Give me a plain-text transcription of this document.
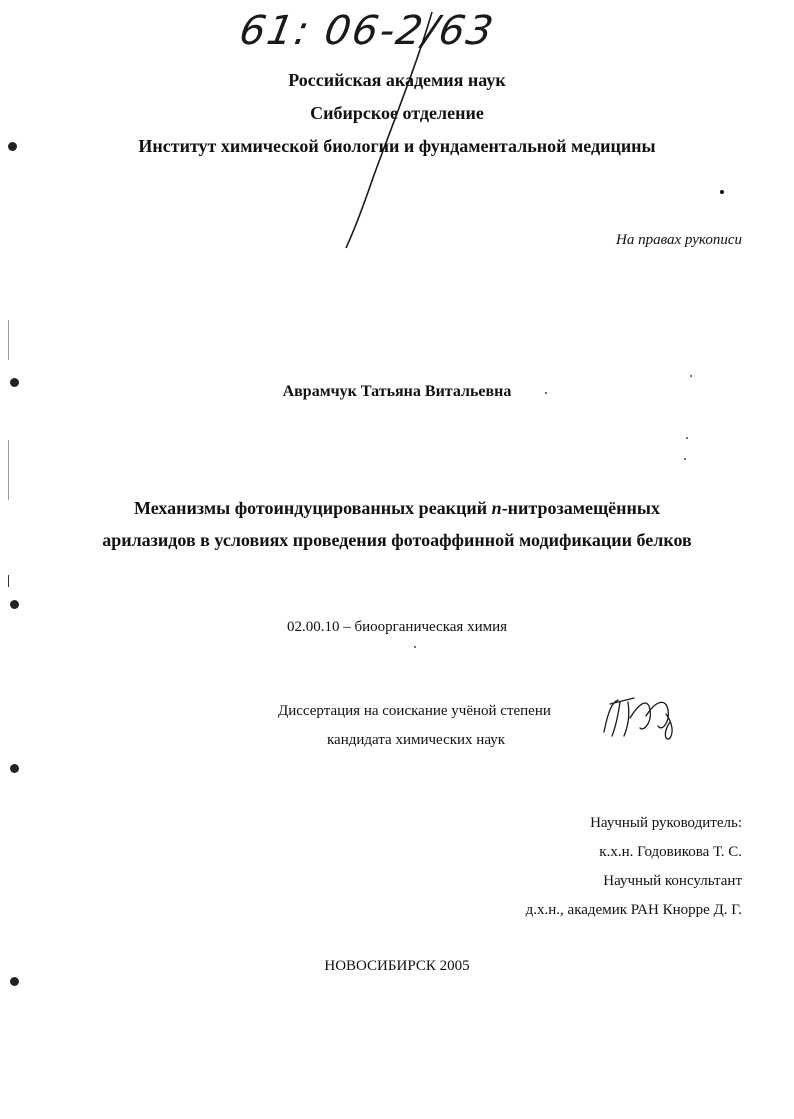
61: 06-2/63
Российская академия наук
Сибирское отделение
Институт химической биологии и фундаментальной медицины
На правах рукописи
Аврамчук Татьяна Витальевна
Механизмы фотоиндуцированных реакций п-нитрозамещённых
арилазидов в условиях проведения фотоаффинной модификации белков
02.00.10 – биоорганическая химия
Диссертация на соискание учёной степени
кандидата химических наук
Научный руководитель:
к.х.н. Годовикова Т. С.
Научный консультант
д.х.н., академик РАН Кнорре Д. Г.
НОВОСИБИРСК 2005
